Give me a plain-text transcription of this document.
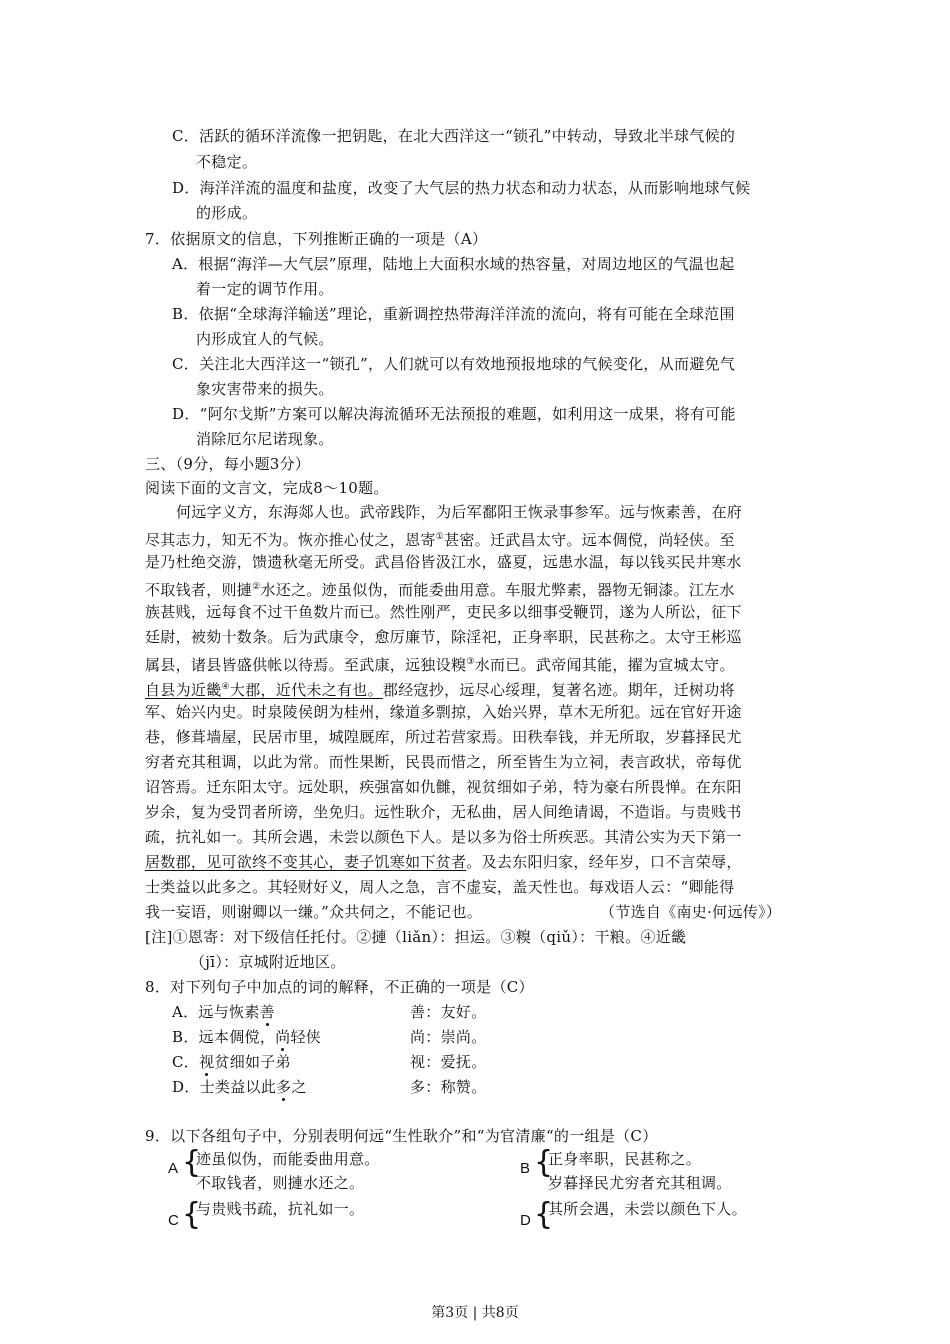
C．活跃的循环洋流像一把钥匙，在北大西洋这一“锁孔”中转动，导致北半球气候的
不稳定。
D．海洋洋流的温度和盐度，改变了大气层的热力状态和动力状态，从而影响地球气候
的形成。
7．依据原文的信息，下列推断正确的一项是（A）
A．根据“海洋—大气层”原理，陆地上大面积水域的热容量，对周边地区的气温也起
着一定的调节作用。
B．依据“全球海洋输送”理论，重新调控热带海洋洋流的流向，将有可能在全球范围
内形成宜人的气候。
C．关注北大西洋这一“锁孔”，人们就可以有效地预报地球的气候变化，从而避免气
象灾害带来的损失。
D．“阿尔戈斯”方案可以解决海流循环无法预报的难题，如利用这一成果，将有可能
消除厄尔尼诺现象。
三、（9分，每小题3分）
阅读下面的文言文，完成8～10题。
何远字义方，东海郯人也。武帝践阼，为后军鄱阳王恢录事参军。远与恢素善，在府
尽其志力，知无不为。恢亦推心仗之，恩寄①甚密。迁武昌太守。远本倜傥，尚轻侠。至
是乃杜绝交游，馈遗秋毫无所受。武昌俗皆汲江水，盛夏，远患水温，每以钱买民井寒水
不取钱者，则摙②水还之。迹虽似伪，而能委曲用意。车服尤弊素，器物无铜漆。江左水
族甚贱，远每食不过干鱼数片而已。然性刚严，吏民多以细事受鞭罚，遂为人所讼，征下
廷尉，被劾十数条。后为武康令，愈厉廉节，除淫祀，正身率职，民甚称之。太守王彬巡
属县，诸县皆盛供帐以待焉。至武康，远独设糗③水而已。武帝闻其能，擢为宣城太守。
自县为近畿④大郡，近代未之有也。郡经寇抄，远尽心绥理，复著名迹。期年，迁树功将
军、始兴内史。时泉陵侯朗为桂州，缘道多剽掠，入始兴界，草木无所犯。远在官好开途
巷，修葺墙屋，民居市里，城隍厩库，所过若营家焉。田秩奉钱，并无所取，岁暮择民尤
穷者充其租调，以此为常。而性果断，民畏而惜之，所至皆生为立祠，表言政状，帝每优
诏答焉。迁东阳太守。远处职，疾强富如仇雠，视贫细如子弟，特为豪右所畏惮。在东阳
岁余，复为受罚者所谤，坐免归。远性耿介，无私曲，居人间绝请谒，不造诣。与贵贱书
疏，抗礼如一。其所会遇，未尝以颜色下人。是以多为俗士所疾恶。其清公实为天下第一
居数郡，见可欲终不变其心，妻子饥寒如下贫者。及去东阳归家，经年岁，口不言荣辱，
士类益以此多之。其轻财好义，周人之急，言不虚妄，盖天性也。每戏语人云：“卿能得
我一妄语，则谢卿以一缣。”众共伺之，不能记也。	（节选自《南史·何远传》）
[注]①恩寄：对下级信任托付。②摙（liǎn）：担运。③糗（qiǔ）：干粮。④近畿
（jī）：京城附近地区。
8．对下列句子中加点的词的解释，不正确的一项是（C）
A．远与恢素善	善：友好。
B．远本倜傥，尚轻侠	尚：崇尚。
C．视贫细如子弟	视：爱抚。
D．士类益以此多之	多：称赞。
9．以下各组句子中，分别表明何远“生性耿介”和“为官清廉“的一组是（C）
A {
迹虽似伪，而能委曲用意。
不取钱者，则摙水还之。
B {
正身率职，民甚称之。
岁暮择民尤穷者充其租调。
C {
与贵贱书疏，抗礼如一。
D {
其所会遇，未尝以颜色下人。
第3页 | 共8页
